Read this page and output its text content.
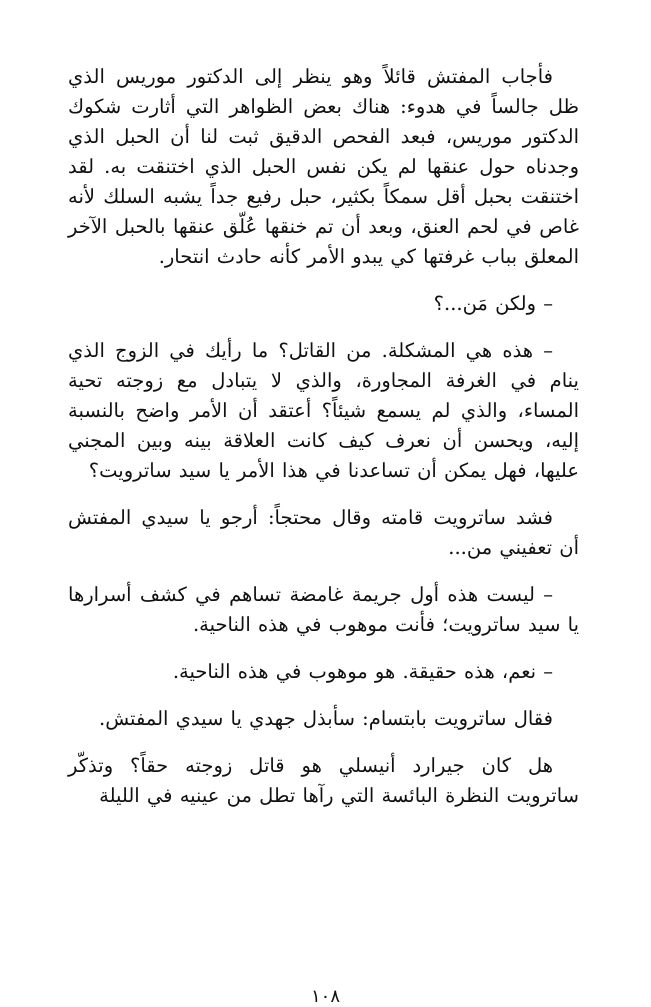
فأجاب المفتش قائلاً وهو ينظر إلى الدكتور موريس الذي ظل جالساً في هدوء: هناك بعض الظواهر التي أثارت شكوك الدكتور موريس، فبعد الفحص الدقيق ثبت لنا أن الحبل الذي وجدناه حول عنقها لم يكن نفس الحبل الذي اختنقت به. لقد اختنقت بحبل أقل سمكاً بكثير، حبل رفيع جداً يشبه السلك لأنه غاص في لحم العنق، وبعد أن تم خنقها عُلّق عنقها بالحبل الآخر المعلق بباب غرفتها كي يبدو الأمر كأنه حادث انتحار.

– ولكن مَن...؟

– هذه هي المشكلة. من القاتل؟ ما رأيك في الزوج الذي ينام في الغرفة المجاورة، والذي لا يتبادل مع زوجته تحية المساء، والذي لم يسمع شيئاً؟ أعتقد أن الأمر واضح بالنسبة إليه، ويحسن أن نعرف كيف كانت العلاقة بينه وبين المجني عليها، فهل يمكن أن تساعدنا في هذا الأمر يا سيد ساترويت؟

فشد ساترويت قامته وقال محتجاً: أرجو يا سيدي المفتش أن تعفيني من...

– ليست هذه أول جريمة غامضة تساهم في كشف أسرارها يا سيد ساترويت؛ فأنت موهوب في هذه الناحية.

– نعم، هذه حقيقة. هو موهوب في هذه الناحية.

فقال ساترويت بابتسام: سأبذل جهدي يا سيدي المفتش.

هل كان جيرارد أنيسلي هو قاتل زوجته حقاً؟ وتذكّر ساترويت النظرة البائسة التي رآها تطل من عينيه في الليلة

١٠٨
